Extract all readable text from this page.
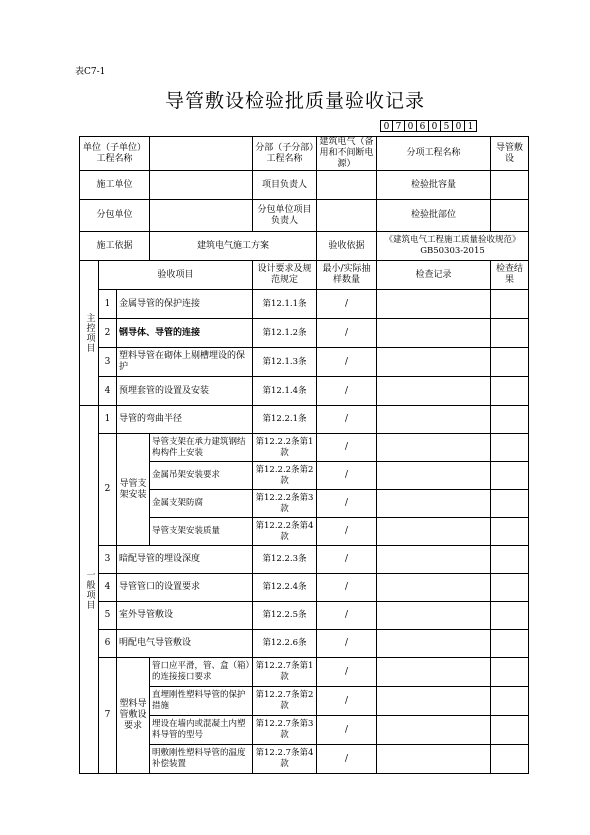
表C7-1
导管敷设检验批质量验收记录
0 7 0 6 0 5 0 1
单位（子单位）工程名称				分部（子分部）工程名称	建筑电气（备用和不间断电源）	分项工程名称	导管敷设
施工单位				项目负责人		检验批容量	
分包单位				分包单位项目负责人		检验批部位	
施工依据			建筑电气施工方案		验收依据	《建筑电气工程施工质量验收规范》GB50303-2015	
主控项目	验收项目			设计要求及规范规定	最小/实际抽样数量	检查记录	检查结果
	1	金属导管的保护连接		第12.1.1条	/		
	2	钢导体、导管的连接		第12.1.2条	/		
	3	塑料导管在砌体上剔槽埋设的保护		第12.1.3条	/		
	4	预埋套管的设置及安装		第12.1.4条	/		
一般项目	1	导管的弯曲半径		第12.2.1条	/		
	2	导管支架安装	导管支架在承力建筑钢结构构件上安装	第12.2.2条第1款	/		
			金属吊架安装要求	第12.2.2条第2款	/		
			金属支架防腐	第12.2.2条第3款	/		
			导管支架安装质量	第12.2.2条第4款	/		
	3	暗配导管的埋设深度		第12.2.3条	/		
	4	导管管口的设置要求		第12.2.4条	/		
	5	室外导管敷设		第12.2.5条	/		
	6	明配电气导管敷设		第12.2.6条	/		
	7	塑料导管敷设要求	管口应平滑，管、盒（箱）的连接接口要求	第12.2.7条第1款	/		
			直埋刚性塑料导管的保护措施	第12.2.7条第2款	/		
			埋设在墙内或混凝土内塑料导管的型号	第12.2.7条第3款	/		
			明敷刚性塑料导管的温度补偿装置	第12.2.7条第4款	/		
